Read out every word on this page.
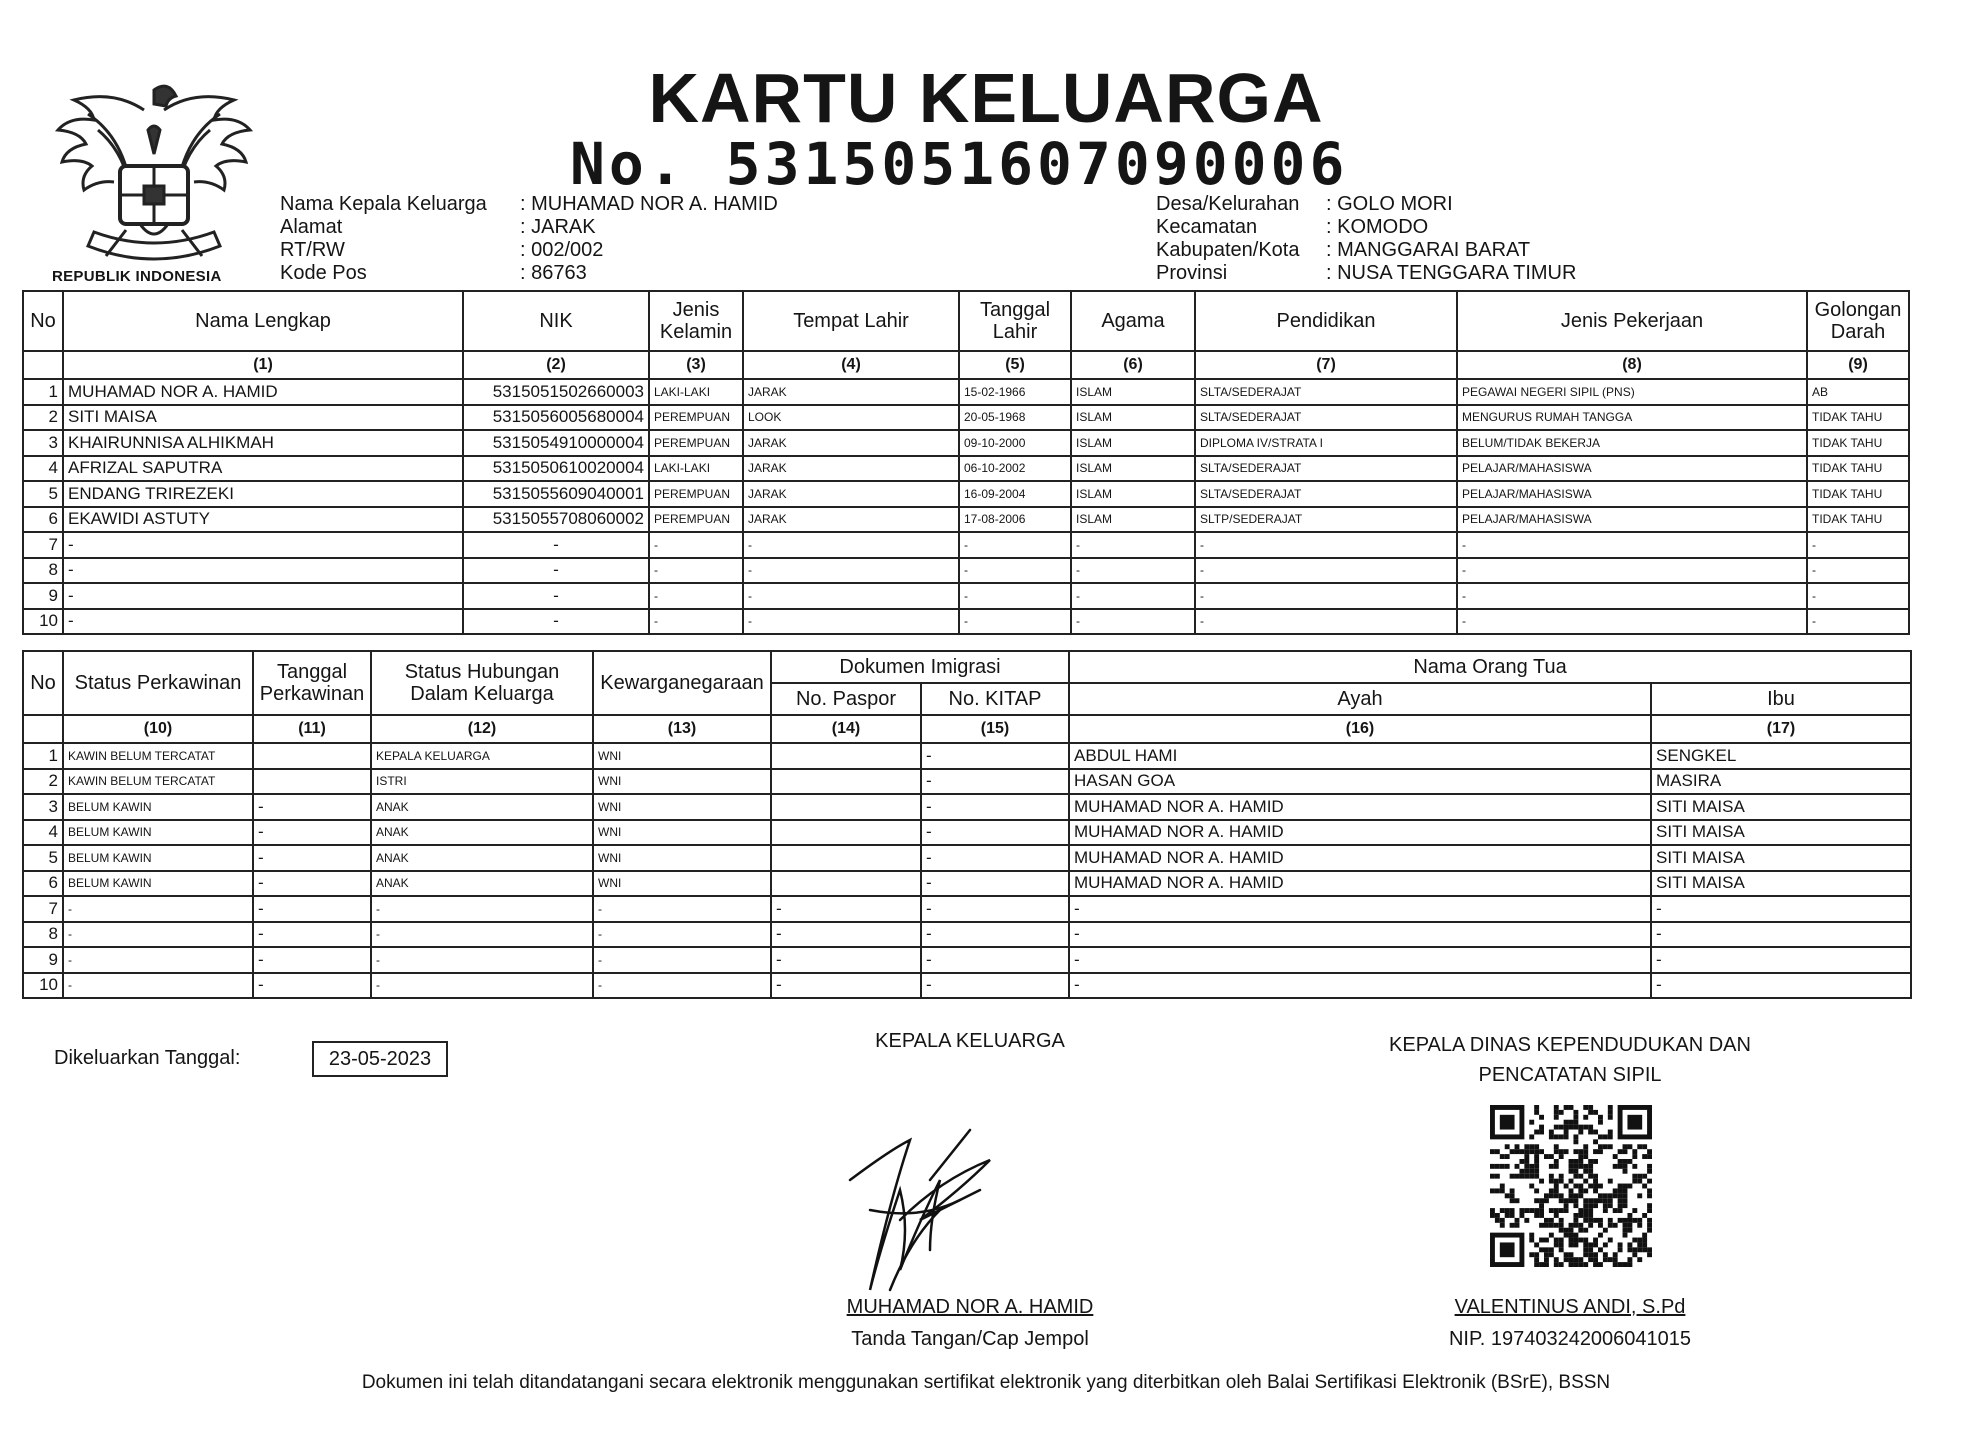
REPUBLIK INDONESIA
KARTU KELUARGA
No. 5315051607090006
Nama Kepala Keluarga	: MUHAMAD NOR A. HAMID
Alamat	: JARAK
RT/RW	: 002/002
Kode Pos	: 86763
Desa/Kelurahan	: GOLO MORI
Kecamatan	: KOMODO
Kabupaten/Kota	: MANGGARAI BARAT
Provinsi	: NUSA TENGGARA TIMUR
No	Nama Lengkap	NIK	Jenis Kelamin	Tempat Lahir	Tanggal Lahir	Agama	Pendidikan	Jenis Pekerjaan	Golongan Darah
	(1)	(2)	(3)	(4)	(5)	(6)	(7)	(8)	(9)
1	MUHAMAD NOR A. HAMID	5315051502660003	LAKI-LAKI	JARAK	15-02-1966	ISLAM	SLTA/SEDERAJAT	PEGAWAI NEGERI SIPIL (PNS)	AB
2	SITI MAISA	5315056005680004	PEREMPUAN	LOOK	20-05-1968	ISLAM	SLTA/SEDERAJAT	MENGURUS RUMAH TANGGA	TIDAK TAHU
3	KHAIRUNNISA ALHIKMAH	5315054910000004	PEREMPUAN	JARAK	09-10-2000	ISLAM	DIPLOMA IV/STRATA I	BELUM/TIDAK BEKERJA	TIDAK TAHU
4	AFRIZAL SAPUTRA	5315050610020004	LAKI-LAKI	JARAK	06-10-2002	ISLAM	SLTA/SEDERAJAT	PELAJAR/MAHASISWA	TIDAK TAHU
5	ENDANG TRIREZEKI	5315055609040001	PEREMPUAN	JARAK	16-09-2004	ISLAM	SLTA/SEDERAJAT	PELAJAR/MAHASISWA	TIDAK TAHU
6	EKAWIDI ASTUTY	5315055708060002	PEREMPUAN	JARAK	17-08-2006	ISLAM	SLTP/SEDERAJAT	PELAJAR/MAHASISWA	TIDAK TAHU
7	-	-	-	-	-	-	-	-	-
8	-	-	-	-	-	-	-	-	-
9	-	-	-	-	-	-	-	-	-
10	-	-	-	-	-	-	-	-	-
No	Status Perkawinan	Tanggal Perkawinan	Status Hubungan Dalam Keluarga	Kewarganegaraan	Dokumen Imigrasi		Nama Orang Tua	
					No. Paspor	No. KITAP	Ayah	Ibu
	(10)	(11)	(12)	(13)	(14)	(15)	(16)	(17)
1	KAWIN BELUM TERCATAT		KEPALA KELUARGA	WNI		-	ABDUL HAMI	SENGKEL
2	KAWIN BELUM TERCATAT		ISTRI	WNI		-	HASAN GOA	MASIRA
3	BELUM KAWIN	-	ANAK	WNI		-	MUHAMAD NOR A. HAMID	SITI MAISA
4	BELUM KAWIN	-	ANAK	WNI		-	MUHAMAD NOR A. HAMID	SITI MAISA
5	BELUM KAWIN	-	ANAK	WNI		-	MUHAMAD NOR A. HAMID	SITI MAISA
6	BELUM KAWIN	-	ANAK	WNI		-	MUHAMAD NOR A. HAMID	SITI MAISA
7	-	-	-	-	-	-	-	-
8	-	-	-	-	-	-	-	-
9	-	-	-	-	-	-	-	-
10	-	-	-	-	-	-	-	-
Dikeluarkan Tanggal:	23-05-2023
KEPALA KELUARGA	KEPALA DINAS KEPENDUDUKAN DAN
PENCATATAN SIPIL
MUHAMAD NOR A. HAMID
Tanda Tangan/Cap Jempol
VALENTINUS ANDI, S.Pd
NIP. 197403242006041015
Dokumen ini telah ditandatangani secara elektronik menggunakan sertifikat elektronik yang diterbitkan oleh Balai Sertifikasi Elektronik (BSrE), BSSN
